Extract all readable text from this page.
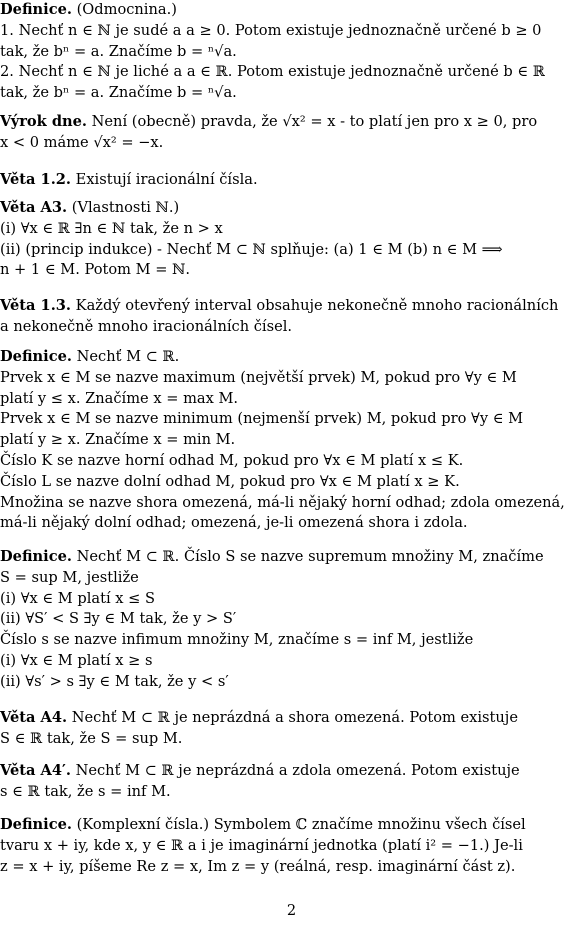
Definice. (Odmocnina.)
1. Nechť n ∈ ℕ je sudé a a ≥ 0. Potom existuje jednoznačně určené b ≥ 0
tak, že bⁿ = a. Značíme b = ⁿ√a.
2. Nechť n ∈ ℕ je liché a a ∈ ℝ. Potom existuje jednoznačně určené b ∈ ℝ
tak, že bⁿ = a. Značíme b = ⁿ√a.
Výrok dne. Není (obecně) pravda, že √x² = x - to platí jen pro x ≥ 0, pro
x < 0 máme √x² = −x.
Věta 1.2. Existují iracionální čísla.
Věta A3. (Vlastnosti ℕ.)
(i) ∀x ∈ ℝ ∃n ∈ ℕ tak, že n > x
(ii) (princip indukce) - Nechť M ⊂ ℕ splňuje: (a) 1 ∈ M (b) n ∈ M ⟹
n + 1 ∈ M. Potom M = ℕ.
Věta 1.3. Každý otevřený interval obsahuje nekonečně mnoho racionálních
a nekonečně mnoho iracionálních čísel.
Definice. Nechť M ⊂ ℝ.
Prvek x ∈ M se nazve maximum (největší prvek) M, pokud pro ∀y ∈ M
platí y ≤ x. Značíme x = max M.
Prvek x ∈ M se nazve minimum (nejmenší prvek) M, pokud pro ∀y ∈ M
platí y ≥ x. Značíme x = min M.
Číslo K se nazve horní odhad M, pokud pro ∀x ∈ M platí x ≤ K.
Číslo L se nazve dolní odhad M, pokud pro ∀x ∈ M platí x ≥ K.
Množina se nazve shora omezená, má-li nějaký horní odhad; zdola omezená,
má-li nějaký dolní odhad; omezená, je-li omezená shora i zdola.
Definice. Nechť M ⊂ ℝ. Číslo S se nazve supremum množiny M, značíme
S = sup M, jestliže
(i) ∀x ∈ M platí x ≤ S
(ii) ∀S′ < S ∃y ∈ M tak, že y > S′
Číslo s se nazve infimum množiny M, značíme s = inf M, jestliže
(i) ∀x ∈ M platí x ≥ s
(ii) ∀s′ > s ∃y ∈ M tak, že y < s′
Věta A4. Nechť M ⊂ ℝ je neprázdná a shora omezená. Potom existuje
S ∈ ℝ tak, že S = sup M.
Věta A4′. Nechť M ⊂ ℝ je neprázdná a zdola omezená. Potom existuje
s ∈ ℝ tak, že s = inf M.
Definice. (Komplexní čísla.) Symbolem ℂ značíme množinu všech čísel
tvaru x + iy, kde x, y ∈ ℝ a i je imaginární jednotka (platí i² = −1.) Je-li
z = x + iy, píšeme Re z = x, Im z = y (reálná, resp. imaginární část z).
2
